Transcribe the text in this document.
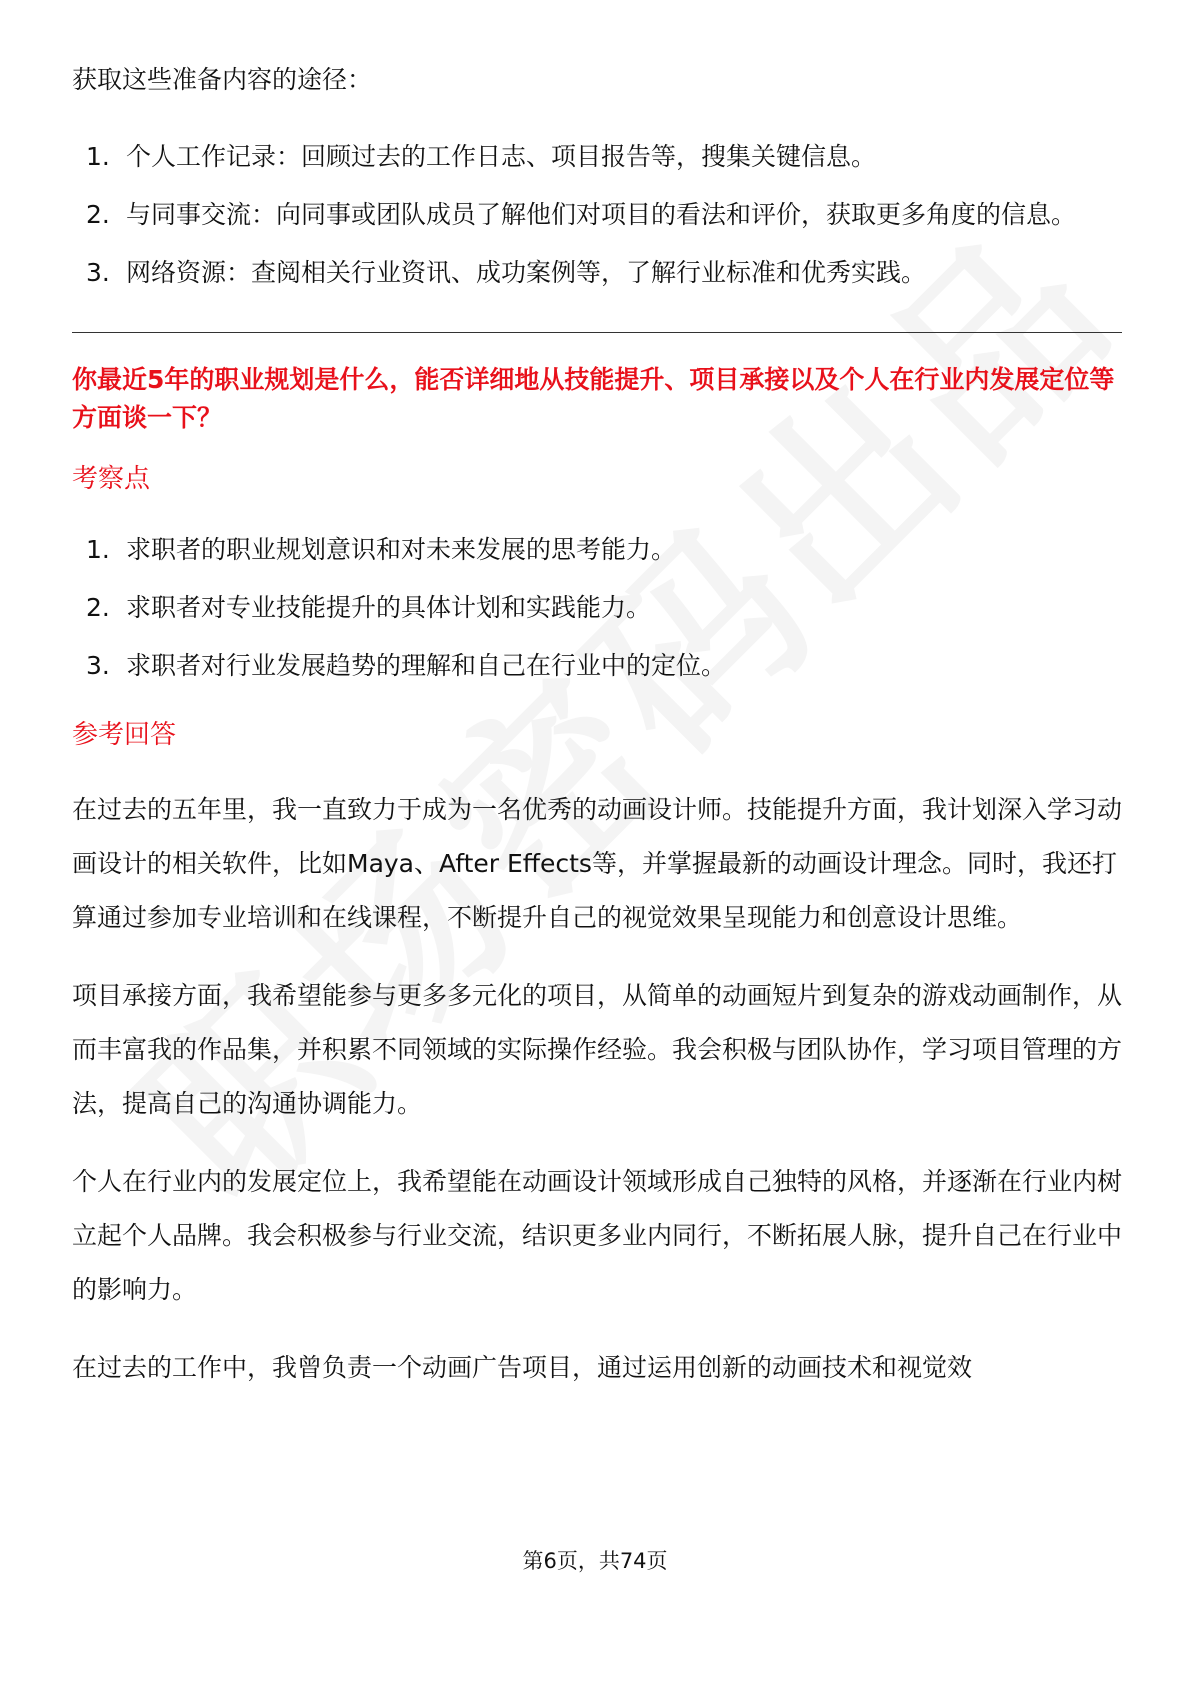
获取这些准备内容的途径：

1. 个人工作记录：回顾过去的工作日志、项目报告等，搜集关键信息。
2. 与同事交流：向同事或团队成员了解他们对项目的看法和评价，获取更多角度的信息。
3. 网络资源：查阅相关行业资讯、成功案例等，了解行业标准和优秀实践。
你最近5年的职业规划是什么，能否详细地从技能提升、项目承接以及个人在行业内发展定位等方面谈一下？
考察点
1. 求职者的职业规划意识和对未来发展的思考能力。
2. 求职者对专业技能提升的具体计划和实践能力。
3. 求职者对行业发展趋势的理解和自己在行业中的定位。
参考回答

在过去的五年里，我一直致力于成为一名优秀的动画设计师。技能提升方面，我计划深入学习动画设计的相关软件，比如Maya、After Effects等，并掌握最新的动画设计理念。同时，我还打算通过参加专业培训和在线课程，不断提升自己的视觉效果呈现能力和创意设计思维。

项目承接方面，我希望能参与更多多元化的项目，从简单的动画短片到复杂的游戏动画制作，从而丰富我的作品集，并积累不同领域的实际操作经验。我会积极与团队协作，学习项目管理的方法，提高自己的沟通协调能力。

个人在行业内的发展定位上，我希望能在动画设计领域形成自己独特的风格，并逐渐在行业内树立起个人品牌。我会积极参与行业交流，结识更多业内同行，不断拓展人脉，提升自己在行业中的影响力。

在过去的工作中，我曾负责一个动画广告项目，通过运用创新的动画技术和视觉效

第6页，共74页
